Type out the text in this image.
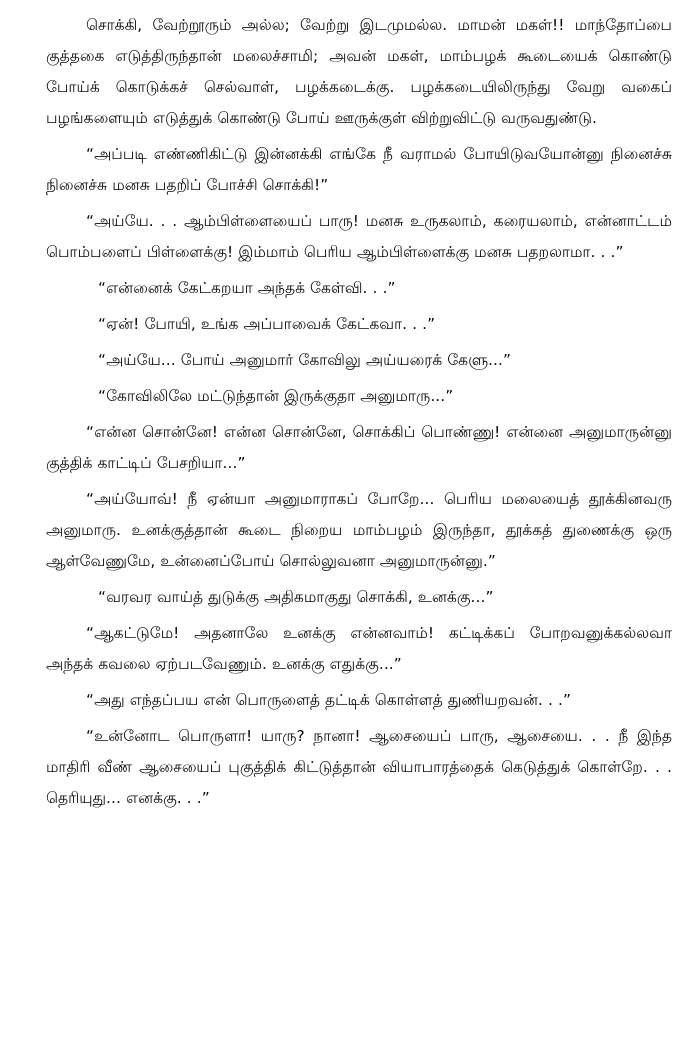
சொக்கி, வேற்றூரும் அல்ல; வேற்று இடமுமல்ல. மாமன் மகள்!! மாந்தோப்பை குத்தகை எடுத்திருந்தான் மலைச்சாமி; அவன் மகள், மாம்பழக் கூடையைக் கொண்டு போய்க் கொடுக்கச் செல்வாள், பழக்கடைக்கு. பழக்கடையிலிருந்து வேறு வகைப் பழங்களையும் எடுத்துக் கொண்டு போய் ஊருக்குள் விற்றுவிட்டு வருவதுண்டு.

“அப்படி எண்ணிகிட்டு இன்னக்கி எங்கே நீ வராமல் போயிடுவயோன்னு நினைச்சு நினைச்சு மனசு பதறிப் போச்சி சொக்கி!”

“அய்யே. . . ஆம்பிள்ளையைப் பாரு! மனசு உருகலாம், கரையலாம், என்னாட்டம் பொம்பளைப் பிள்ளைக்கு! இம்மாம் பெரிய ஆம்பிள்ளைக்கு மனசு பதறலாமா. . .”

“என்னைக் கேட்கறயா அந்தக் கேள்வி. . .”

“ஏன்! போயி, உங்க அப்பாவைக் கேட்கவா. . .”

“அய்யே... போய் அனுமார் கோவிலு அய்யரைக் கேளு...”

“கோவிலிலே மட்டுந்தான் இருக்குதா அனுமாரு...”

“என்ன சொன்னே! என்ன சொன்னே, சொக்கிப் பொண்ணு! என்னை அனுமாருன்னு குத்திக் காட்டிப் பேசறியா...”

“அய்யோவ்! நீ ஏன்யா அனுமாராகப் போறே... பெரிய மலையைத் தூக்கினவரு அனுமாரு. உனக்குத்தான் கூடை நிறைய மாம்பழம் இருந்தா, தூக்கத் துணைக்கு ஒரு ஆள்வேணுமே, உன்னைப்போய் சொல்லுவனா அனுமாருன்னு.”

“வரவர வாய்த் துடுக்கு அதிகமாகுது சொக்கி, உனக்கு...”

“ஆகட்டுமே! அதனாலே உனக்கு என்னவாம்! கட்டிக்கப் போறவனுக்கல்லவா அந்தக் கவலை ஏற்படவேணும். உனக்கு எதுக்கு...”

“அது எந்தப்பய என் பொருளைத் தட்டிக் கொள்ளத் துணியறவன். . .”

“உன்னோட பொருளா! யாரு? நானா! ஆசையைப் பாரு, ஆசையை. . . நீ இந்த மாதிரி வீண் ஆசையைப் புகுத்திக் கிட்டுத்தான் வியாபாரத்தைக் கெடுத்துக் கொள்றே. . . தெரியுது... எனக்கு. . .”
